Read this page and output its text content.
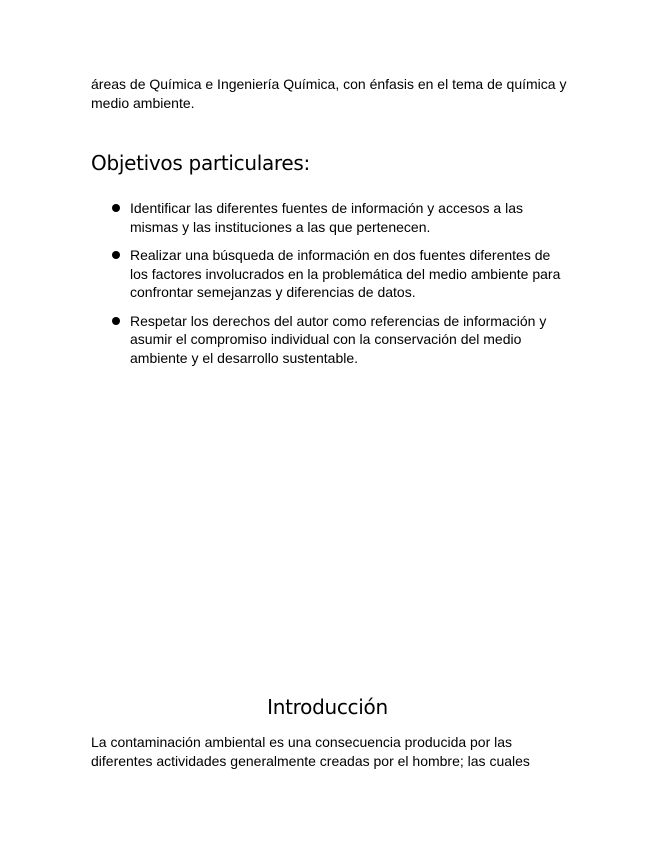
áreas de Química e Ingeniería Química, con énfasis en el tema de química y medio ambiente.

Objetivos particulares:
Identificar las diferentes fuentes de información y accesos a las mismas y las instituciones a las que pertenecen.
Realizar una búsqueda de información en dos fuentes diferentes de los factores involucrados en la problemática del medio ambiente para confrontar semejanzas y diferencias de datos.
Respetar los derechos del autor como referencias de información y asumir el compromiso individual con la conservación del medio ambiente y el desarrollo sustentable.
Introducción

La contaminación ambiental es una consecuencia producida por las diferentes actividades generalmente creadas por el hombre; las cuales
